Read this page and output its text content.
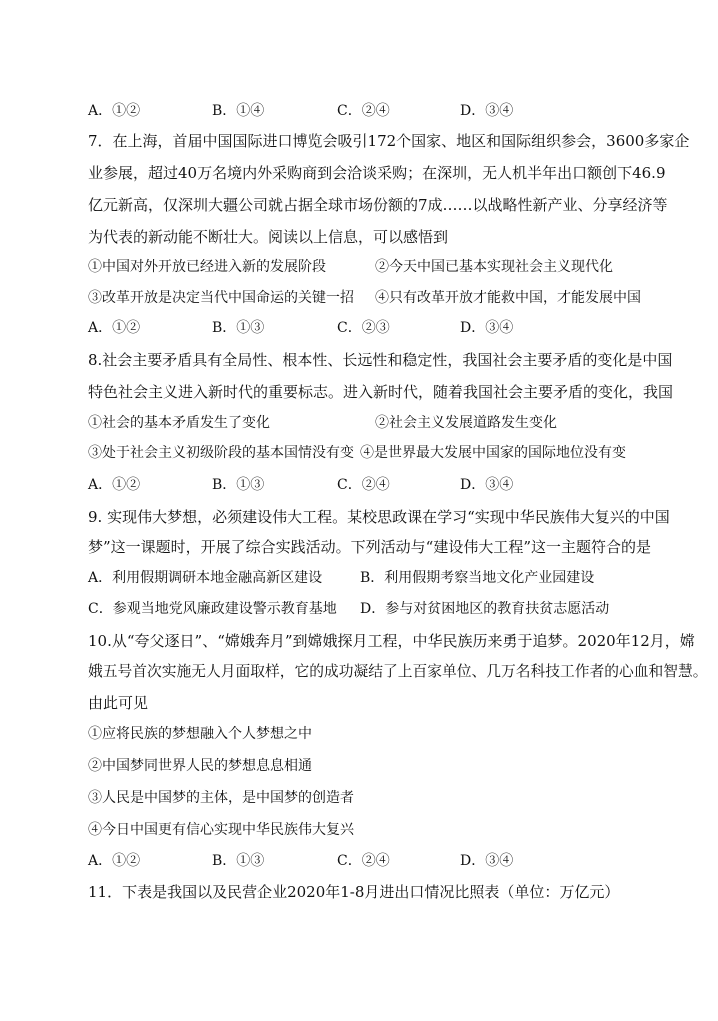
A．①②	B．①④	C．②④	D．③④
7．在上海，首届中国国际进口博览会吸引172个国家、地区和国际组织参会，3600多家企
业参展，超过40万名境内外采购商到会洽谈采购；在深圳，无人机半年出口额创下46.9
亿元新高，仅深圳大疆公司就占据全球市场份额的7成……以战略性新产业、分享经济等
为代表的新动能不断壮大。阅读以上信息，可以感悟到
①中国对外开放已经进入新的发展阶段	②今天中国已基本实现社会主义现代化
③改革开放是决定当代中国命运的关键一招 ④只有改革开放才能救中国，才能发展中国
A．①②	B．①③	C．②③	D．③④
8.社会主要矛盾具有全局性、根本性、长远性和稳定性，我国社会主要矛盾的变化是中国
特色社会主义进入新时代的重要标志。进入新时代，随着我国社会主要矛盾的变化，我国
①社会的基本矛盾发生了变化	②社会主义发展道路发生变化
③处于社会主义初级阶段的基本国情没有变 ④是世界最大发展中国家的国际地位没有变
A．①②	B．①③	C．②④	D．③④
9. 实现伟大梦想，必须建设伟大工程。某校思政课在学习“实现中华民族伟大复兴的中国
梦”这一课题时，开展了综合实践活动。下列活动与“建设伟大工程”这一主题符合的是
A．利用假期调研本地金融高新区建设	B．利用假期考察当地文化产业园建设
C．参观当地党风廉政建设警示教育基地 D．参与对贫困地区的教育扶贫志愿活动
10.从“夸父逐日”、“嫦娥奔月”到嫦娥探月工程，中华民族历来勇于追梦。2020年12月，嫦
娥五号首次实施无人月面取样，它的成功凝结了上百家单位、几万名科技工作者的心血和智慧。
由此可见
①应将民族的梦想融入个人梦想之中
②中国梦同世界人民的梦想息息相通
③人民是中国梦的主体，是中国梦的创造者
④今日中国更有信心实现中华民族伟大复兴
A．①②	B．①③	C．②④	D．③④
11．下表是我国以及民营企业2020年1-8月进出口情况比照表（单位：万亿元）
